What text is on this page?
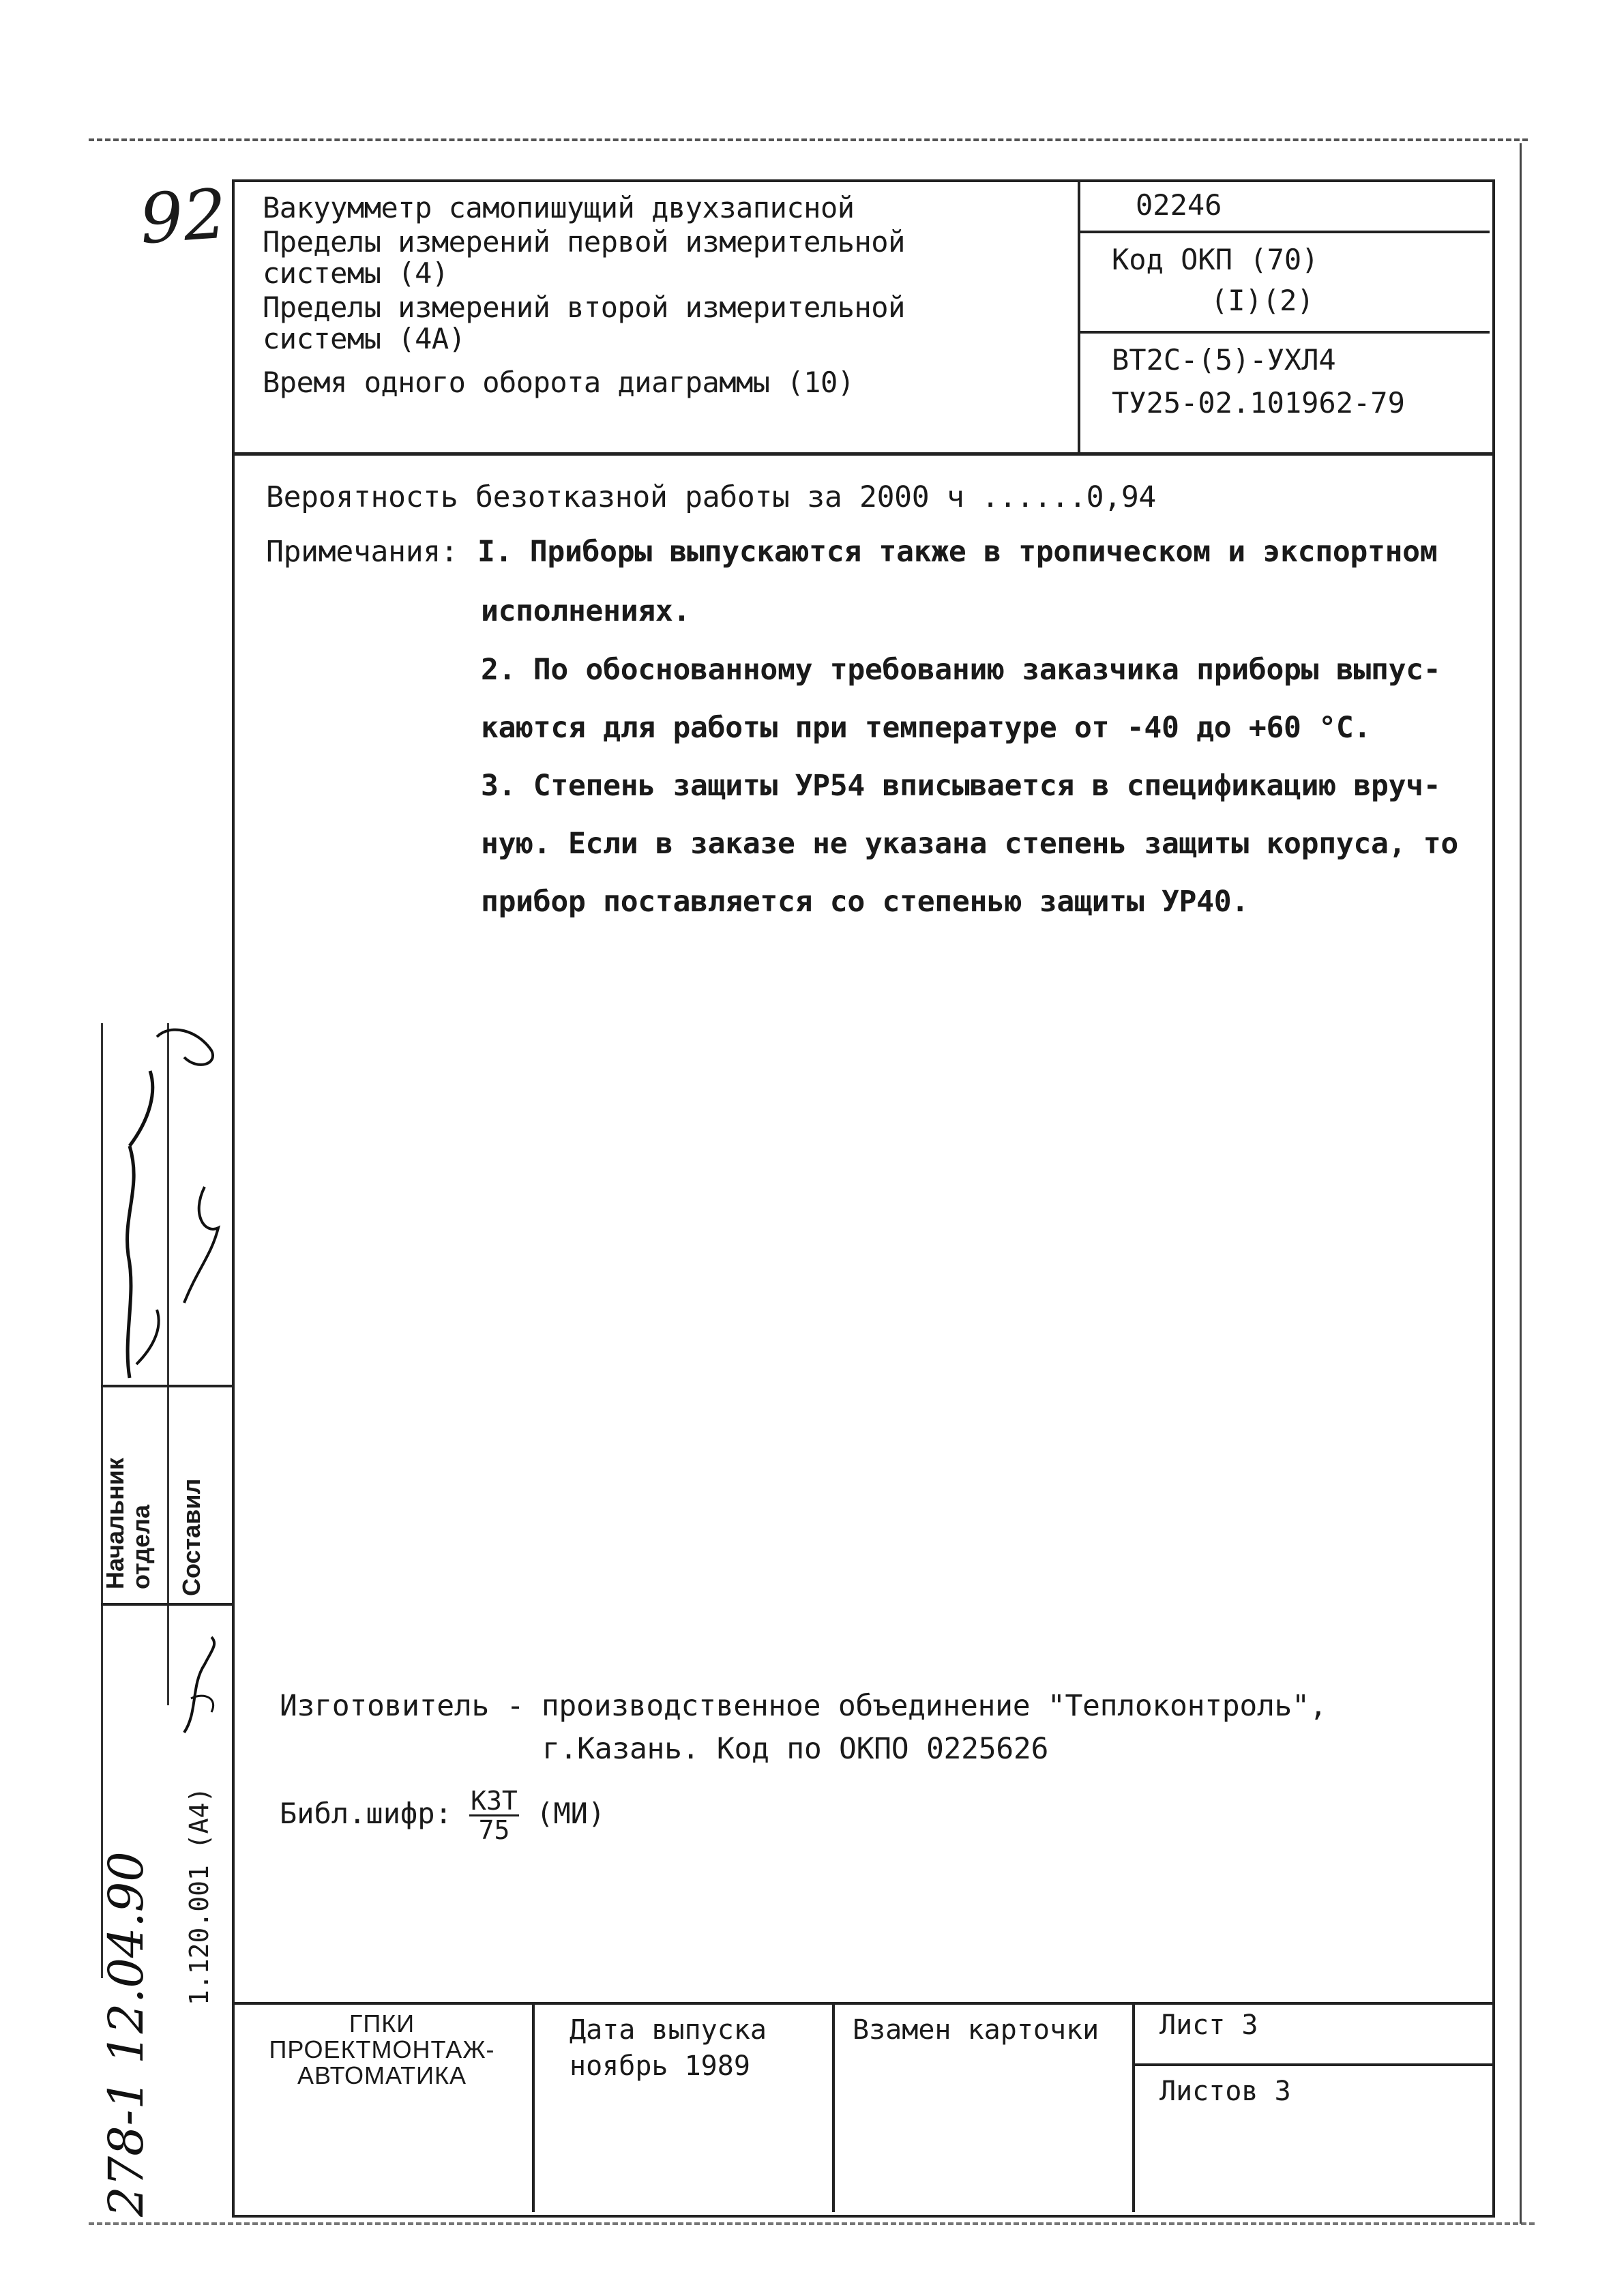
92 Вакуумметр самопишущий двухзаписной
Пределы измерений первой измерительной
системы (4)
Пределы измерений второй измерительной
системы (4А)
Время одного оборота диаграммы (10)
02246
Код ОКП (70)
(I)(2)
ВТ2С-(5)-УХЛ4
ТУ25-02.101962-79
Вероятность безотказной работы за 2000 ч ......0,94
Примечания: I. Приборы выпускаются также в тропическом и экспортном
исполнениях.
2. По обоснованному требованию заказчика приборы выпус-
каются для работы при температуре от -40 до +60 °С.
3. Степень защиты УР54 вписывается в спецификацию вруч-
ную. Если в заказе не указана степень защиты корпуса, то
прибор поставляется со степенью защиты УР40.
Изготовитель - производственное объединение "Теплоконтроль",
г.Казань. Код по ОКПО 0225626
Библ.шифр: $\frac{\text{КЗТ}}{75} (МИ)$
ГПКИ
ПРОЕКТМОНТАЖ-
АВТОМАТИКА
Дата выпуска
ноябрь 1989
Взамен карточки Лист 3
Листов 3
Начальник
отдела Составил
1.120.001 (А4)
278-1 12.04.90
